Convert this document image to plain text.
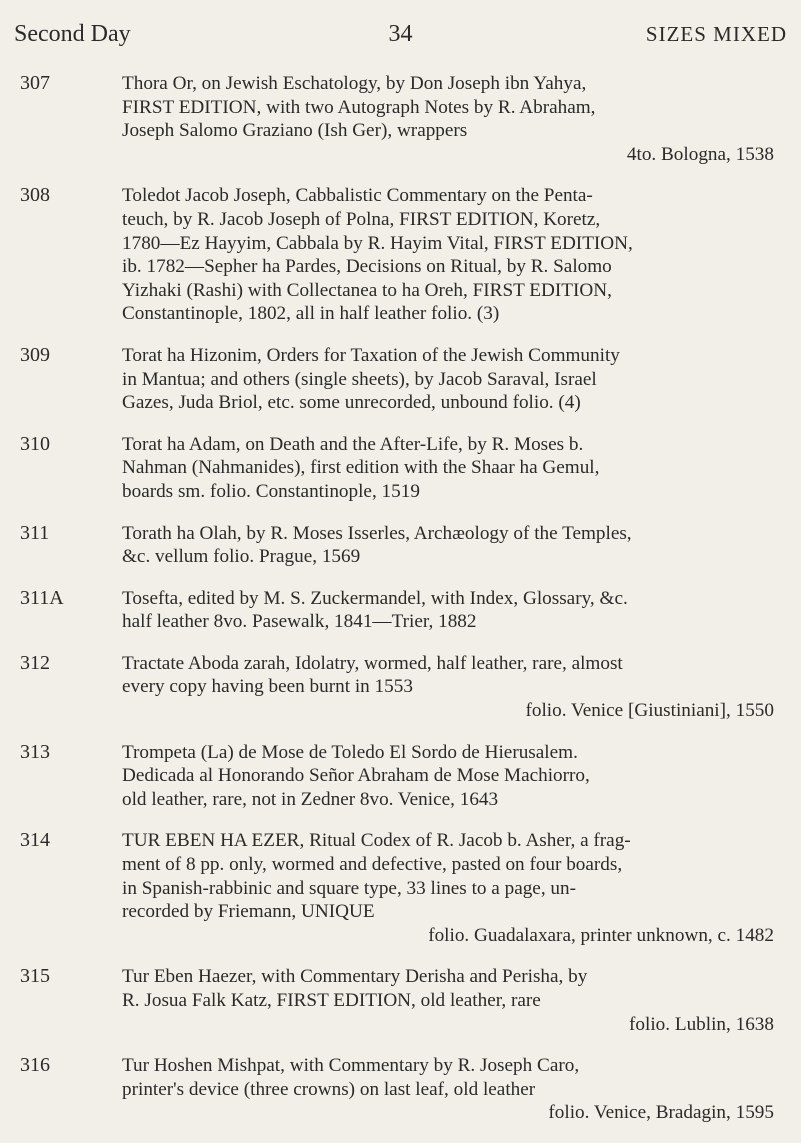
Second Day	34	SIZES MIXED
307	Thora Or, on Jewish Eschatology, by Don Joseph ibn Yahya,
FIRST EDITION, with two Autograph Notes by R. Abraham,
Joseph Salomo Graziano (Ish Ger), wrappers
4to. Bologna, 1538
308	Toledot Jacob Joseph, Cabbalistic Commentary on the Penta-
teuch, by R. Jacob Joseph of Polna, FIRST EDITION, Koretz,
1780—Ez Hayyim, Cabbala by R. Hayim Vital, FIRST EDITION,
ib. 1782—Sepher ha Pardes, Decisions on Ritual, by R. Salomo
Yizhaki (Rashi) with Collectanea to ha Oreh, FIRST EDITION,
Constantinople, 1802, all in half leather folio. (3)
309	Torat ha Hizonim, Orders for Taxation of the Jewish Community
in Mantua; and others (single sheets), by Jacob Saraval, Israel
Gazes, Juda Briol, etc. some unrecorded, unbound folio. (4)
310	Torat ha Adam, on Death and the After-Life, by R. Moses b.
Nahman (Nahmanides), first edition with the Shaar ha Gemul,
boards sm. folio. Constantinople, 1519
311	Torath ha Olah, by R. Moses Isserles, Archæology of the Temples,
&c. vellum folio. Prague, 1569
311A	Tosefta, edited by M. S. Zuckermandel, with Index, Glossary, &c.
half leather 8vo. Pasewalk, 1841—Trier, 1882
312	Tractate Aboda zarah, Idolatry, wormed, half leather, rare, almost
every copy having been burnt in 1553
folio. Venice [Giustiniani], 1550
313	Trompeta (La) de Mose de Toledo El Sordo de Hierusalem.
Dedicada al Honorando Señor Abraham de Mose Machiorro,
old leather, rare, not in Zedner 8vo. Venice, 1643
314	TUR EBEN HA EZER, Ritual Codex of R. Jacob b. Asher, a frag-
ment of 8 pp. only, wormed and defective, pasted on four boards,
in Spanish-rabbinic and square type, 33 lines to a page, un-
recorded by Friemann, UNIQUE
folio. Guadalaxara, printer unknown, c. 1482
315	Tur Eben Haezer, with Commentary Derisha and Perisha, by
R. Josua Falk Katz, FIRST EDITION, old leather, rare
folio. Lublin, 1638
316	Tur Hoshen Mishpat, with Commentary by R. Joseph Caro,
printer's device (three crowns) on last leaf, old leather
folio. Venice, Bradagin, 1595
